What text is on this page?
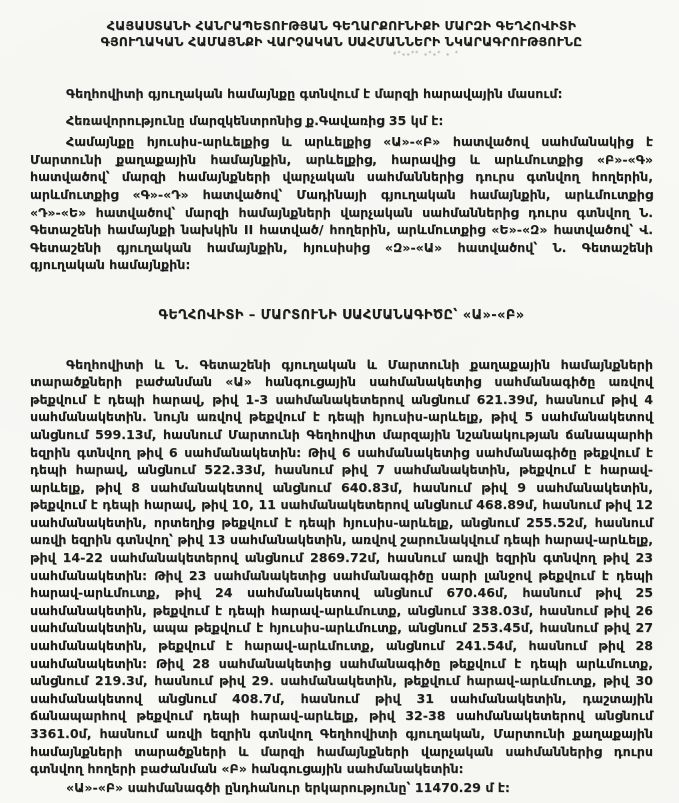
ՀԱՅԱՍՏԱՆԻ ՀԱՆՐԱՊԵՏՈՒԹՅԱՆ ԳԵՂԱՐՔՈՒՆԻՔԻ ՄԱՐԶԻ ԳԵՂՀՈՎԻՏԻ
ԳՅՈՒՂԱԿԱՆ ՀԱՄԱՅՆՔԻ ՎԱՐՉԱԿԱՆ ՍԱՀՄԱՆՆԵՐԻ ՆԿԱՐԱԳՐՈՒԹՅՈՒՆԸ
՚՛··՛՛ ·՛·՛ · ՛

Գեղհովիտի գյուղական համայնքը գտնվում է մարզի հարավային մասում:

Հեռավորությունը մարզկենտրոնից ք.Գավառից 35 կմ է:

Համայնքը հյուսիս-արևելքից և արևելքից «Ա»-«Բ» հատվածով սահմանակից է Մարտունի քաղաքային համայնքին, արևելքից, հարավից և արևմուտքից «Բ»-«Գ» հատվածով՝ մարզի համայնքների վարչական սահմաններից դուրս գտնվող հողերին, արևմուտքից «Գ»-«Դ» հատվածով՝ Մադինայի գյուղական համայնքին, արևմուտքից «Դ»-«Ե» հատվածով՝ մարզի համայնքների վարչական սահմաններից դուրս գտնվող Ն. Գետաշենի համայնքի նախկին II հատված/ հողերին, արևմուտքից «Ե»-«Զ» հատվածով՝ Վ. Գետաշենի գյուղական համայնքին, հյուսիսից «Զ»-«Ա» հատվածով՝ Ն. Գետաշենի գյուղական համայնքին:

ԳԵՂՀՈՎԻՏԻ – ՄԱՐՏՈՒՆԻ ՍԱՀՄԱՆԱԳԻԾԸ՝ «Ա»-«Բ»

Գեղհովիտի և Ն. Գետաշենի գյուղական և Մարտունի քաղաքային համայնքների տարածքների բաժանման «Ա» հանգուցային սահմանակետից սահմանագիծը առվով թեքվում է դեպի հարավ, թիվ 1-3 սահմանակետերով անցնում 621.39մ, հասնում թիվ 4 սահմանակետին. նույն առվով թեքվում է դեպի հյուսիս-արևելք, թիվ 5 սահմանակետով անցնում 599.13մ, հասնում Մարտունի Գեղհովիտ մարզային նշանակության ճանապարհի եզրին գտնվող թիվ 6 սահմանակետին: Թիվ 6 սահմանակետից սահմանագիծը թեքվում է դեպի հարավ, անցնում 522.33մ, հասնում թիվ 7 սահմանակետին, թեքվում է հարավ-արևելք, թիվ 8 սահմանակետով անցնում 640.83մ, հասնում թիվ 9 սահմանակետին, թեքվում է դեպի հարավ, թիվ 10, 11 սահմանակետերով անցնում 468.89մ, հասնում թիվ 12 սահմանակետին, որտեղից թեքվում է դեպի հյուսիս-արևելք, անցնում 255.52մ, հասնում առվի եզրին գտնվող՝ թիվ 13 սահմանակետին, առվով շարունակվում դեպի հարավ-արևելք, թիվ 14-22 սահմանակետերով անցնում 2869.72մ, հասնում առվի եզրին գտնվող թիվ 23 սահմանակետին: Թիվ 23 սահմանակետից սահմանագիծը սարի լանջով թեքվում է դեպի հարավ-արևմուտք, թիվ 24 սահմանակետով անցնում 670.46մ, հասնում թիվ 25 սահմանակետին, թեքվում է դեպի հարավ-արևմուտք, անցնում 338.03մ, հասնում թիվ 26 սահմանակետին, ապա թեքվում է հյուսիս-արևմուտք, անցնում 253.45մ, հասնում թիվ 27 սահմանակետին, թեքվում է հարավ-արևմուտք, անցնում 241.54մ, հասնում թիվ 28 սահմանակետին: Թիվ 28 սահմանակետից սահմանագիծը թեքվում է դեպի արևմուտք, անցնում 219.3մ, հասնում թիվ 29. սահմանակետին, թեքվում հարավ-արևմուտք, թիվ 30 սահմանակետով անցնում 408.7մ, հասնում թիվ 31 սահմանակետին, դաշտային ճանապարհով թեքվում դեպի հարավ-արևելք, թիվ 32-38 սահմանակետերով անցնում 3361.0մ, հասնում առվի եզրին գտնվող Գեղհովիտի գյուղական, Մարտունի քաղաքային համայնքների տարածքների և մարզի համայնքների վարչական սահմաններից դուրս գտնվող հողերի բաժանման «Բ» հանգուցային սահմանակետին:

«Ա»-«Բ» սահմանագծի ընդհանուր երկարությունը՝ 11470.29 մ է:
